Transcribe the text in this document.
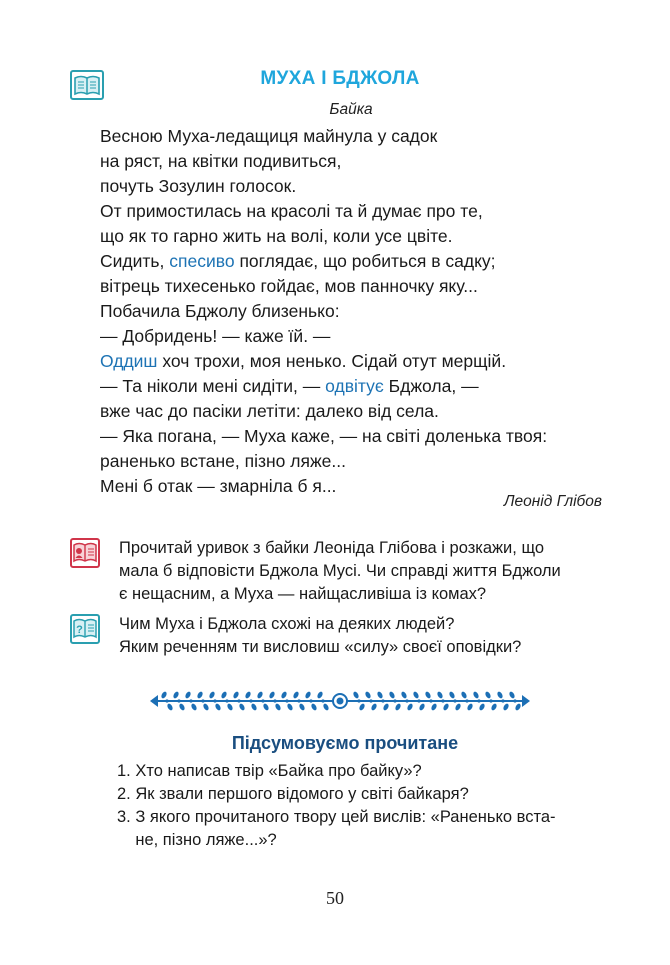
МУХА І БДЖОЛА
Байка
Весною Муха-ледащиця майнула у садок
на ряст, на квітки подивиться,
почуть Зозулин голосок.
От примостилась на красолі та й думає про те,
що як то гарно жить на волі, коли усе цвіте.
Сидить, спесиво поглядає, що робиться в садку;
вітрець тихесенько гойдає, мов панночку яку...
Побачила Бджолу близенько:
— Добридень! — каже їй. —
Оддиш хоч трохи, моя ненько. Сідай отут мерщій.
— Та ніколи мені сидіти, — одвітує Бджола, —
вже час до пасіки летіти: далеко від села.
— Яка погана, — Муха каже, — на світі доленька твоя:
раненько встане, пізно ляже...
Мені б отак — змарніла б я...
Леонід Глібов
Прочитай уривок з байки Леоніда Глібова і розкажи, що
мала б відповісти Бджола Мусі. Чи справді життя Бджоли
є нещасним, а Муха — найщасливіша із комах?
? Чим Муха і Бджола схожі на деяких людей?
Яким реченням ти висловиш «силу» своєї оповідки?
Підсумовуємо прочитане
1. Хто написав твір «Байка про байку»?
2. Як звали першого відомого у світі байкаря?
3. З якого прочитаного твору цей вислів: «Раненько вста-
не, пізно ляже...»?
50
